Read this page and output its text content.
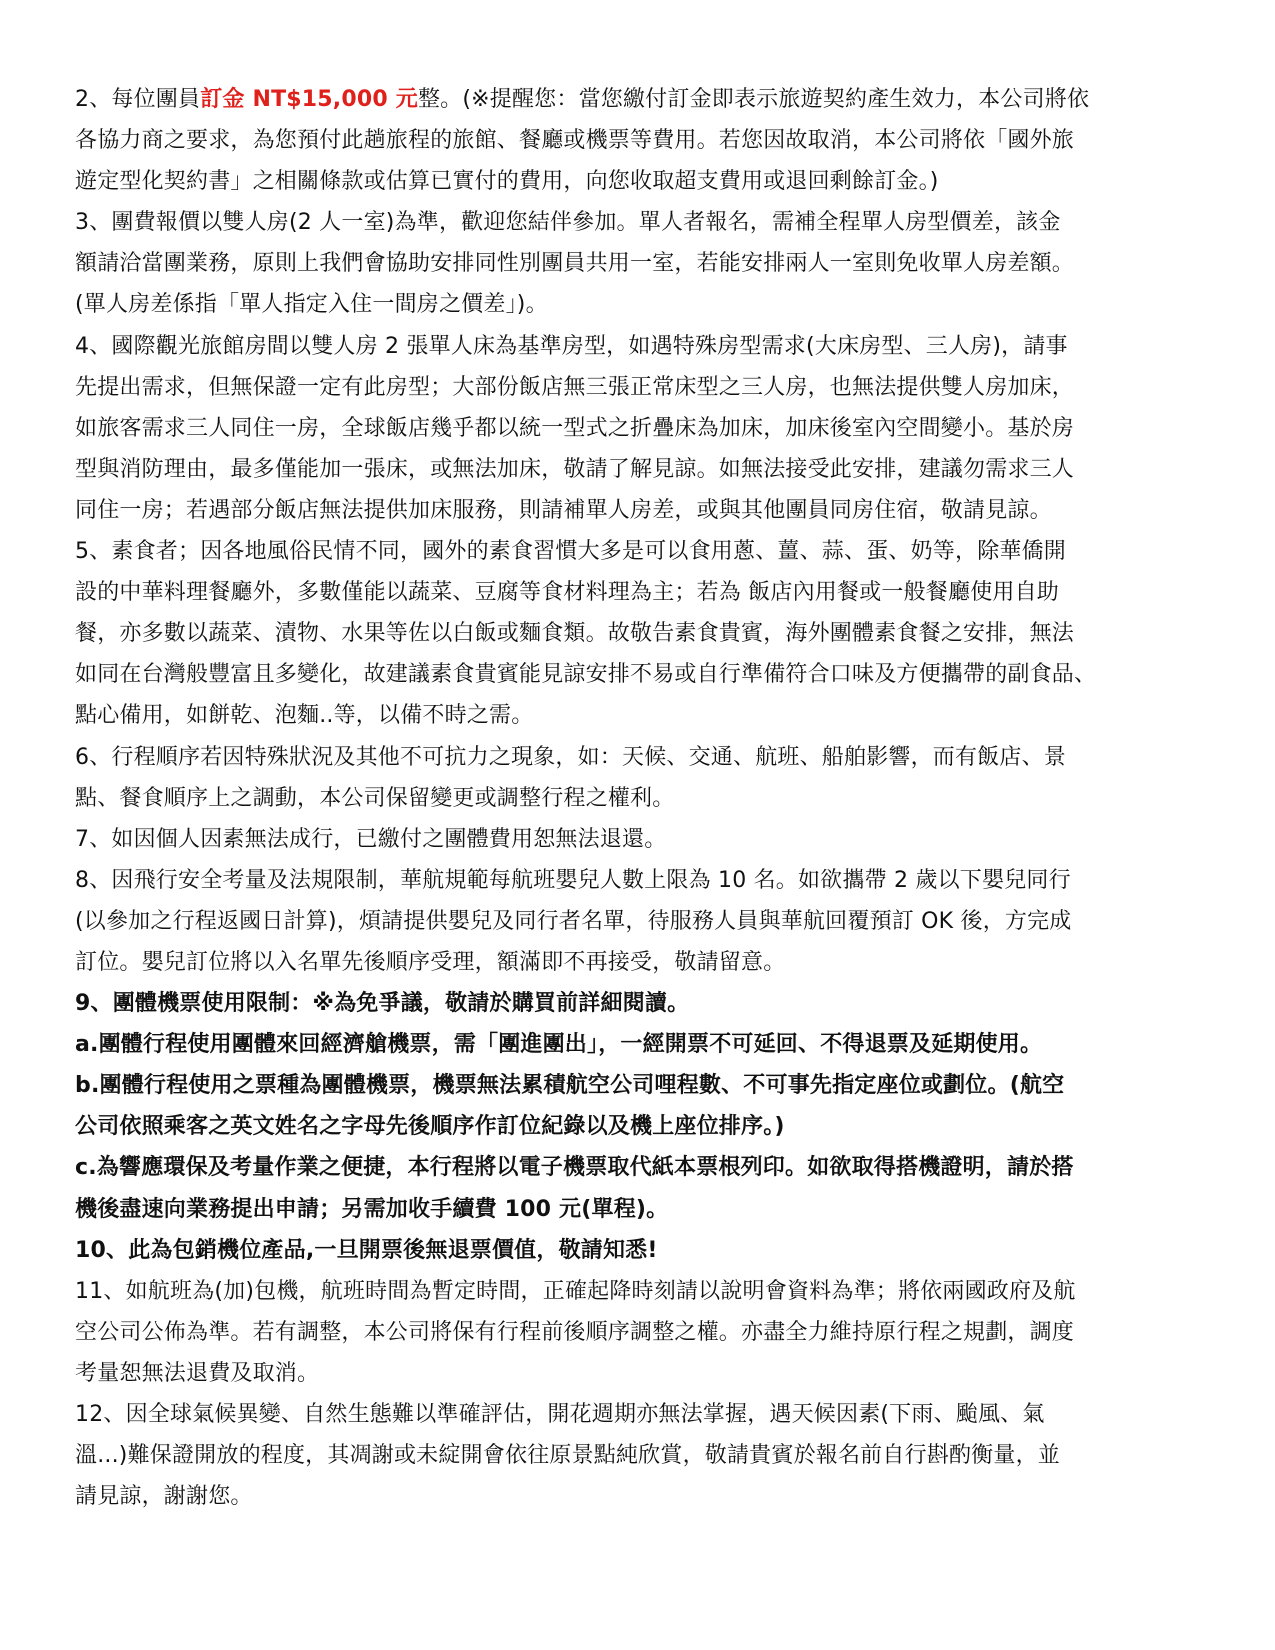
2、每位團員訂金 NT$15,000 元整。(※提醒您：當您繳付訂金即表示旅遊契約產生效力，本公司將依
各協力商之要求，為您預付此趟旅程的旅館、餐廳或機票等費用。若您因故取消，本公司將依「國外旅
遊定型化契約書」之相關條款或估算已實付的費用，向您收取超支費用或退回剩餘訂金。)
3、團費報價以雙人房(2 人一室)為準，歡迎您結伴參加。單人者報名，需補全程單人房型價差，該金
額請洽當團業務，原則上我們會協助安排同性別團員共用一室，若能安排兩人一室則免收單人房差額。
(單人房差係指「單人指定入住一間房之價差」)。
4、國際觀光旅館房間以雙人房 2 張單人床為基準房型，如遇特殊房型需求(大床房型、三人房)，請事
先提出需求，但無保證一定有此房型；大部份飯店無三張正常床型之三人房，也無法提供雙人房加床，
如旅客需求三人同住一房，全球飯店幾乎都以統一型式之折疊床為加床，加床後室內空間變小。基於房
型與消防理由，最多僅能加一張床，或無法加床，敬請了解見諒。如無法接受此安排，建議勿需求三人
同住一房；若遇部分飯店無法提供加床服務，則請補單人房差，或與其他團員同房住宿，敬請見諒。
5、素食者；因各地風俗民情不同，國外的素食習慣大多是可以食用蔥、薑、蒜、蛋、奶等，除華僑開
設的中華料理餐廳外，多數僅能以蔬菜、豆腐等食材料理為主；若為 飯店內用餐或一般餐廳使用自助
餐，亦多數以蔬菜、漬物、水果等佐以白飯或麵食類。故敬告素食貴賓，海外團體素食餐之安排，無法
如同在台灣般豐富且多變化，故建議素食貴賓能見諒安排不易或自行準備符合口味及方便攜帶的副食品、
點心備用，如餅乾、泡麵..等，以備不時之需。
6、行程順序若因特殊狀況及其他不可抗力之現象，如：天候、交通、航班、船舶影響，而有飯店、景
點、餐食順序上之調動，本公司保留變更或調整行程之權利。
7、如因個人因素無法成行，已繳付之團體費用恕無法退還。
8、因飛行安全考量及法規限制，華航規範每航班嬰兒人數上限為 10 名。如欲攜帶 2 歲以下嬰兒同行
(以參加之行程返國日計算)，煩請提供嬰兒及同行者名單，待服務人員與華航回覆預訂 OK 後，方完成
訂位。嬰兒訂位將以入名單先後順序受理，額滿即不再接受，敬請留意。
9、團體機票使用限制：※為免爭議，敬請於購買前詳細閱讀。
a.團體行程使用團體來回經濟艙機票，需「團進團出」，一經開票不可延回、不得退票及延期使用。
b.團體行程使用之票種為團體機票，機票無法累積航空公司哩程數、不可事先指定座位或劃位。(航空
公司依照乘客之英文姓名之字母先後順序作訂位紀錄以及機上座位排序。)
c.為響應環保及考量作業之便捷，本行程將以電子機票取代紙本票根列印。如欲取得搭機證明，請於搭
機後盡速向業務提出申請；另需加收手續費 100 元(單程)。
10、此為包銷機位產品,一旦開票後無退票價值，敬請知悉!
11、如航班為(加)包機，航班時間為暫定時間，正確起降時刻請以說明會資料為準；將依兩國政府及航
空公司公佈為準。若有調整，本公司將保有行程前後順序調整之權。亦盡全力維持原行程之規劃，調度
考量恕無法退費及取消。
12、因全球氣候異變、自然生態難以準確評估，開花週期亦無法掌握，遇天候因素(下雨、颱風、氣
溫...)難保證開放的程度，其凋謝或未綻開會依往原景點純欣賞，敬請貴賓於報名前自行斟酌衡量，並
請見諒，謝謝您。
